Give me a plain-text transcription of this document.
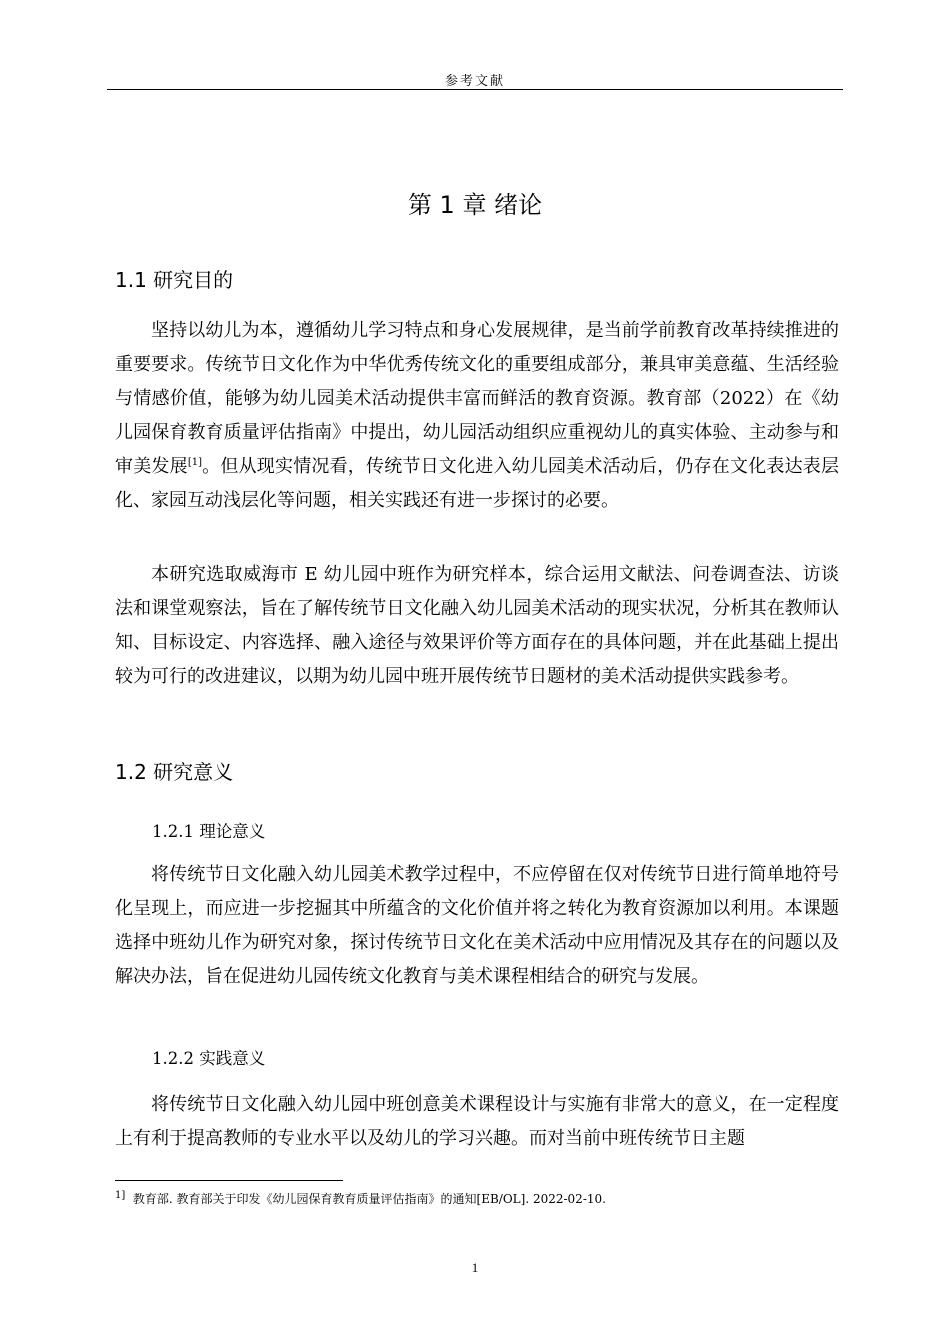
参考文献
第 1 章 绪论
1.1 研究目的
坚持以幼儿为本，遵循幼儿学习特点和身心发展规律，是当前学前教育改革持续推进的重要要求。传统节日文化作为中华优秀传统文化的重要组成部分，兼具审美意蕴、生活经验与情感价值，能够为幼儿园美术活动提供丰富而鲜活的教育资源。教育部（2022）在《幼儿园保育教育质量评估指南》中提出，幼儿园活动组织应重视幼儿的真实体验、主动参与和审美发展[1]。但从现实情况看，传统节日文化进入幼儿园美术活动后，仍存在文化表达表层化、家园互动浅层化等问题，相关实践还有进一步探讨的必要。
本研究选取威海市 E 幼儿园中班作为研究样本，综合运用文献法、问卷调查法、访谈法和课堂观察法，旨在了解传统节日文化融入幼儿园美术活动的现实状况，分析其在教师认知、目标设定、内容选择、融入途径与效果评价等方面存在的具体问题，并在此基础上提出较为可行的改进建议，以期为幼儿园中班开展传统节日题材的美术活动提供实践参考。
1.2 研究意义
1.2.1 理论意义
将传统节日文化融入幼儿园美术教学过程中，不应停留在仅对传统节日进行简单地符号化呈现上，而应进一步挖掘其中所蕴含的文化价值并将之转化为教育资源加以利用。本课题选择中班幼儿作为研究对象，探讨传统节日文化在美术活动中应用情况及其存在的问题以及解决办法，旨在促进幼儿园传统文化教育与美术课程相结合的研究与发展。
1.2.2 实践意义
将传统节日文化融入幼儿园中班创意美术课程设计与实施有非常大的意义，在一定程度上有利于提高教师的专业水平以及幼儿的学习兴趣。而对当前中班传统节日主题
$^{1]}$ 教育部. 教育部关于印发《幼儿园保育教育质量评估指南》的通知[EB/OL]. 2022-02-10.
1
